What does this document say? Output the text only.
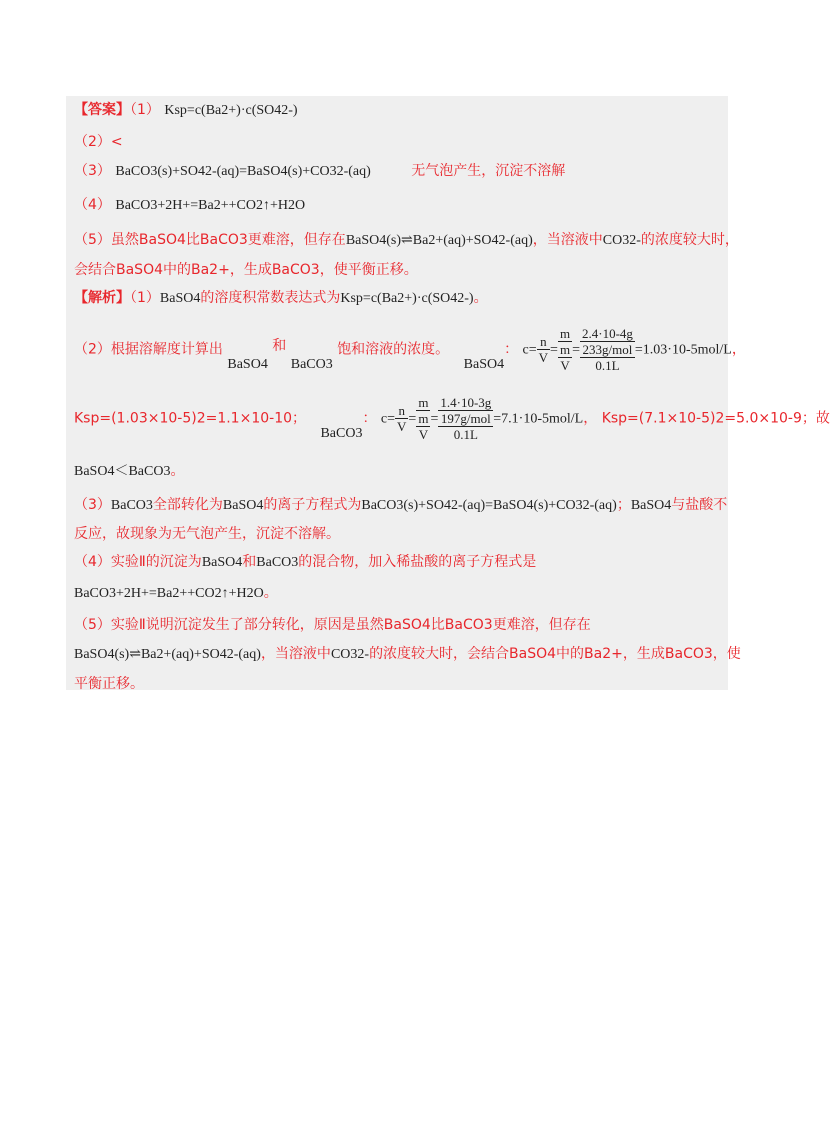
【答案】（1） Ksp=c(Ba2+)·c(SO42-)
（2）<
（3） BaCO3(s)+SO42-(aq)=BaSO4(s)+CO32-(aq)	无气泡产生，沉淀不溶解
（4） BaCO3+2H+=Ba2++CO2↑+H2O
（5）虽然BaSO4比BaCO3更难溶，但存在BaSO4(s)⇌Ba2+(aq)+SO42-(aq)，当溶液中CO32-的浓度较大时，
会结合BaSO4中的Ba2+，生成BaCO3，使平衡正移。
【解析】（1）BaSO4的溶度积常数表达式为Ksp=c(Ba2+)·c(SO42-)。
（2）根据溶解度计算出 BaSO4 和 BaCO3 饱和溶液的浓度。 BaSO4： $c= \frac{n}{V}$ =
m
m
V
=
2.4·10-4g
233g/mol
0.1L
=1.03·10-5mol/L，
Ksp=(1.03×10-5)2=1.1×10-10； BaCO3： $c= \frac{n}{V}$ =
m
m
V
=
1.4·10-3g
197g/mol
0.1L
=7.1·10-5mol/L， Ksp=(7.1×10-5)2=5.0×10-9；故
BaSO4＜BaCO3。
（3）BaCO3全部转化为BaSO4的离子方程式为BaCO3(s)+SO42-(aq)=BaSO4(s)+CO32-(aq)；BaSO4与盐酸不
反应，故现象为无气泡产生，沉淀不溶解。
（4）实验Ⅱ的沉淀为BaSO4和BaCO3的混合物，加入稀盐酸的离子方程式是
BaCO3+2H+=Ba2++CO2↑+H2O。
（5）实验Ⅱ说明沉淀发生了部分转化，原因是虽然BaSO4比BaCO3更难溶，但存在
BaSO4(s)⇌Ba2+(aq)+SO42-(aq)，当溶液中CO32-的浓度较大时，会结合BaSO4中的Ba2+，生成BaCO3，使
平衡正移。
